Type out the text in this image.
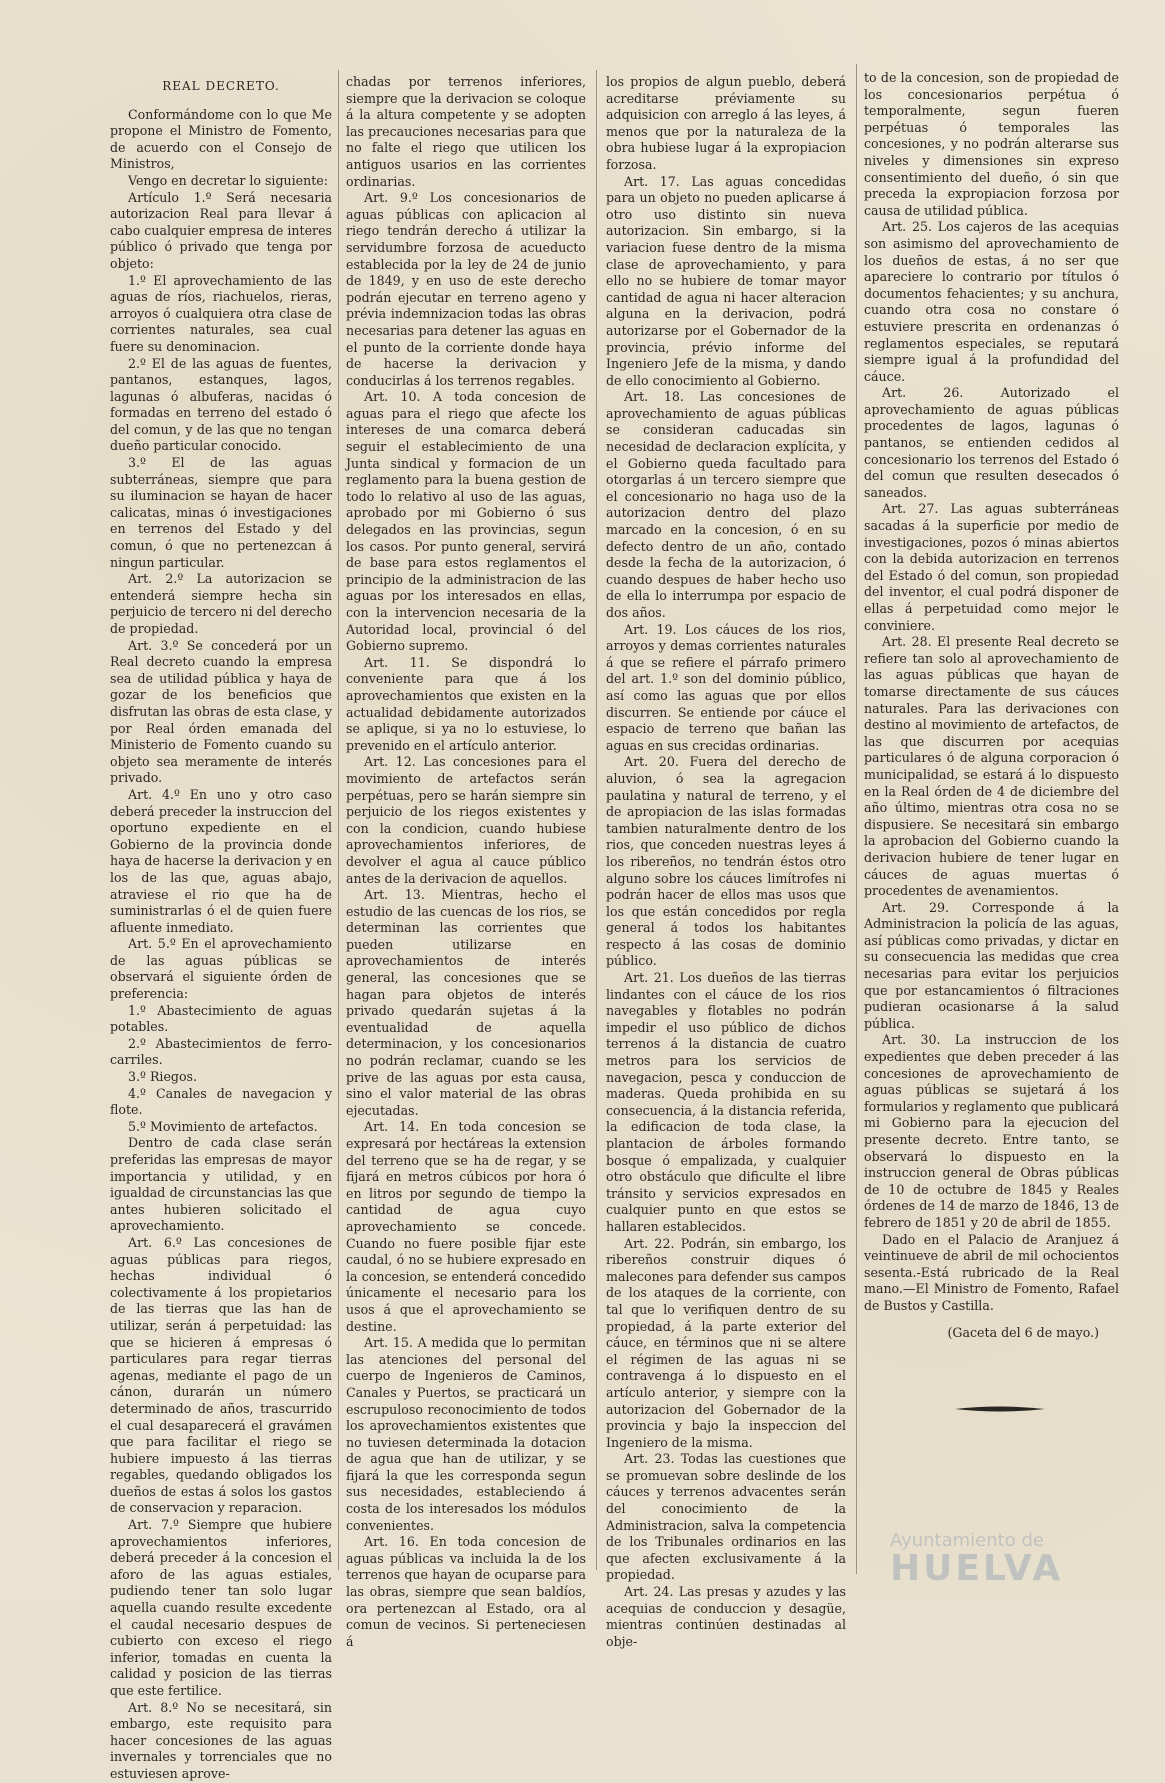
REAL DECRETO.

Conformándome con lo que Me propone el Ministro de Fomento, de acuerdo con el Consejo de Ministros,

Vengo en decretar lo siguiente:

Artículo 1.º Será necesaria autorizacion Real para llevar á cabo cualquier empresa de interes público ó privado que tenga por objeto:

1.º El aprovechamiento de las aguas de ríos, riachuelos, rieras, arroyos ó cualquiera otra clase de corrientes naturales, sea cual fuere su denominacion.

2.º El de las aguas de fuentes, pantanos, estanques, lagos, lagunas ó albuferas, nacidas ó formadas en terreno del estado ó del comun, y de las que no tengan dueño particular conocido.

3.º El de las aguas subterráneas, siempre que para su iluminacion se hayan de hacer calicatas, minas ó investigaciones en terrenos del Estado y del comun, ó que no pertenezcan á ningun particular.

Art. 2.º La autorizacion se entenderá siempre hecha sin perjuicio de tercero ni del derecho de propiedad.

Art. 3.º Se concederá por un Real decreto cuando la empresa sea de utilidad pública y haya de gozar de los beneficios que disfrutan las obras de esta clase, y por Real órden emanada del Ministerio de Fomento cuando su objeto sea meramente de interés privado.

Art. 4.º En uno y otro caso deberá preceder la instruccion del oportuno expediente en el Gobierno de la provincia donde haya de hacerse la derivacion y en los de las que, aguas abajo, atraviese el rio que ha de suministrarlas ó el de quien fuere afluente inmediato.

Art. 5.º En el aprovechamiento de las aguas públicas se observará el siguiente órden de preferencia:

1.º Abastecimiento de aguas potables.

2.º Abastecimientos de ferro-carriles.

3.º Riegos.

4.º Canales de navegacion y flote.

5.º Movimiento de artefactos.

Dentro de cada clase serán preferidas las empresas de mayor importancia y utilidad, y en igualdad de circunstancias las que antes hubieren solicitado el aprovechamiento.

Art. 6.º Las concesiones de aguas públicas para riegos, hechas individual ó colectivamente á los propietarios de las tierras que las han de utilizar, serán á perpetuidad: las que se hicieren á empresas ó particulares para regar tierras agenas, mediante el pago de un cánon, durarán un número determinado de años, trascurrido el cual desaparecerá el gravámen que para facilitar el riego se hubiere impuesto á las tierras regables, quedando obligados los dueños de estas á solos los gastos de conservacion y reparacion.

Art. 7.º Siempre que hubiere aprovechamientos inferiores, deberá preceder á la concesion el aforo de las aguas estiales, pudiendo tener tan solo lugar aquella cuando resulte excedente el caudal necesario despues de cubierto con exceso el riego inferior, tomadas en cuenta la calidad y posicion de las tierras que este fertilice.

Art. 8.º No se necesitará, sin embargo, este requisito para hacer concesiones de las aguas invernales y torrenciales que no estuviesen aprove-

chadas por terrenos inferiores, siempre que la derivacion se coloque á la altura competente y se adopten las precauciones necesarias para que no falte el riego que utilicen los antiguos usarios en las corrientes ordinarias.

Art. 9.º Los concesionarios de aguas públicas con aplicacion al riego tendrán derecho á utilizar la servidumbre forzosa de acueducto establecida por la ley de 24 de junio de 1849, y en uso de este derecho podrán ejecutar en terreno ageno y prévia indemnizacion todas las obras necesarias para detener las aguas en el punto de la corriente donde haya de hacerse la derivacion y conducirlas á los terrenos regables.

Art. 10. A toda concesion de aguas para el riego que afecte los intereses de una comarca deberá seguir el establecimiento de una Junta sindical y formacion de un reglamento para la buena gestion de todo lo relativo al uso de las aguas, aprobado por mi Gobierno ó sus delegados en las provincias, segun los casos. Por punto general, servirá de base para estos reglamentos el principio de la administracion de las aguas por los interesados en ellas, con la intervencion necesaria de la Autoridad local, provincial ó del Gobierno supremo.

Art. 11. Se dispondrá lo conveniente para que á los aprovechamientos que existen en la actualidad debidamente autorizados se aplique, si ya no lo estuviese, lo prevenido en el artículo anterior.

Art. 12. Las concesiones para el movimiento de artefactos serán perpétuas, pero se harán siempre sin perjuicio de los riegos existentes y con la condicion, cuando hubiese aprovechamientos inferiores, de devolver el agua al cauce público antes de la derivacion de aquellos.

Art. 13. Mientras, hecho el estudio de las cuencas de los rios, se determinan las corrientes que pueden utilizarse en aprovechamientos de interés general, las concesiones que se hagan para objetos de interés privado quedarán sujetas á la eventualidad de aquella determinacion, y los concesionarios no podrán reclamar, cuando se les prive de las aguas por esta causa, sino el valor material de las obras ejecutadas.

Art. 14. En toda concesion se expresará por hectáreas la extension del terreno que se ha de regar, y se fijará en metros cúbicos por hora ó en litros por segundo de tiempo la cantidad de agua cuyo aprovechamiento se concede. Cuando no fuere posible fijar este caudal, ó no se hubiere expresado en la concesion, se entenderá concedido únicamente el necesario para los usos á que el aprovechamiento se destine.

Art. 15. A medida que lo permitan las atenciones del personal del cuerpo de Ingenieros de Caminos, Canales y Puertos, se practicará un escrupuloso reconocimiento de todos los aprovechamientos existentes que no tuviesen determinada la dotacion de agua que han de utilizar, y se fijará la que les corresponda segun sus necesidades, estableciendo á costa de los interesados los módulos convenientes.

Art. 16. En toda concesion de aguas públicas va incluida la de los terrenos que hayan de ocuparse para las obras, siempre que sean baldíos, ora pertenezcan al Estado, ora al comun de vecinos. Si perteneciesen á

los propios de algun pueblo, deberá acreditarse préviamente su adquisicion con arreglo á las leyes, á menos que por la naturaleza de la obra hubiese lugar á la expropiacion forzosa.

Art. 17. Las aguas concedidas para un objeto no pueden aplicarse á otro uso distinto sin nueva autorizacion. Sin embargo, si la variacion fuese dentro de la misma clase de aprovechamiento, y para ello no se hubiere de tomar mayor cantidad de agua ni hacer alteracion alguna en la derivacion, podrá autorizarse por el Gobernador de la provincia, prévio informe del Ingeniero Jefe de la misma, y dando de ello conocimiento al Gobierno.

Art. 18. Las concesiones de aprovechamiento de aguas públicas se consideran caducadas sin necesidad de declaracion explícita, y el Gobierno queda facultado para otorgarlas á un tercero siempre que el concesionario no haga uso de la autorizacion dentro del plazo marcado en la concesion, ó en su defecto dentro de un año, contado desde la fecha de la autorizacion, ó cuando despues de haber hecho uso de ella lo interrumpa por espacio de dos años.

Art. 19. Los cáuces de los rios, arroyos y demas corrientes naturales á que se refiere el párrafo primero del art. 1.º son del dominio público, así como las aguas que por ellos discurren. Se entiende por cáuce el espacio de terreno que bañan las aguas en sus crecidas ordinarias.

Art. 20. Fuera del derecho de aluvion, ó sea la agregacion paulatina y natural de terreno, y el de apropiacion de las islas formadas tambien naturalmente dentro de los rios, que conceden nuestras leyes á los ribereños, no tendrán éstos otro alguno sobre los cáuces limítrofes ni podrán hacer de ellos mas usos que los que están concedidos por regla general á todos los habitantes respecto á las cosas de dominio público.

Art. 21. Los dueños de las tierras lindantes con el cáuce de los rios navegables y flotables no podrán impedir el uso público de dichos terrenos á la distancia de cuatro metros para los servicios de navegacion, pesca y conduccion de maderas. Queda prohibida en su consecuencia, á la distancia referida, la edificacion de toda clase, la plantacion de árboles formando bosque ó empalizada, y cualquier otro obstáculo que dificulte el libre tránsito y servicios expresados en cualquier punto en que estos se hallaren establecidos.

Art. 22. Podrán, sin embargo, los ribereños construir diques ó malecones para defender sus campos de los ataques de la corriente, con tal que lo verifiquen dentro de su propiedad, á la parte exterior del cáuce, en términos que ni se altere el régimen de las aguas ni se contravenga á lo dispuesto en el artículo anterior, y siempre con la autorizacion del Gobernador de la provincia y bajo la inspeccion del Ingeniero de la misma.

Art. 23. Todas las cuestiones que se promuevan sobre deslinde de los cáuces y terrenos advacentes serán del conocimiento de la Administracion, salva la competencia de los Tribunales ordinarios en las que afecten exclusivamente á la propiedad.

Art. 24. Las presas y azudes y las acequias de conduccion y desagüe, mientras continúen destinadas al obje-

to de la concesion, son de propiedad de los concesionarios perpétua ó temporalmente, segun fueren perpétuas ó temporales las concesiones, y no podrán alterarse sus niveles y dimensiones sin expreso consentimiento del dueño, ó sin que preceda la expropiacion forzosa por causa de utilidad pública.

Art. 25. Los cajeros de las acequias son asimismo del aprovechamiento de los dueños de estas, á no ser que apareciere lo contrario por títulos ó documentos fehacientes; y su anchura, cuando otra cosa no constare ó estuviere prescrita en ordenanzas ó reglamentos especiales, se reputará siempre igual á la profundidad del cáuce.

Art. 26. Autorizado el aprovechamiento de aguas públicas procedentes de lagos, lagunas ó pantanos, se entienden cedidos al concesionario los terrenos del Estado ó del comun que resulten desecados ó saneados.

Art. 27. Las aguas subterráneas sacadas á la superficie por medio de investigaciones, pozos ó minas abiertos con la debida autorizacion en terrenos del Estado ó del comun, son propiedad del inventor, el cual podrá disponer de ellas á perpetuidad como mejor le conviniere.

Art. 28. El presente Real decreto se refiere tan solo al aprovechamiento de las aguas públicas que hayan de tomarse directamente de sus cáuces naturales. Para las derivaciones con destino al movimiento de artefactos, de las que discurren por acequias particulares ó de alguna corporacion ó municipalidad, se estará á lo dispuesto en la Real órden de 4 de diciembre del año último, mientras otra cosa no se dispusiere. Se necesitará sin embargo la aprobacion del Gobierno cuando la derivacion hubiere de tener lugar en cáuces de aguas muertas ó procedentes de avenamientos.

Art. 29. Corresponde á la Administracion la policía de las aguas, así públicas como privadas, y dictar en su consecuencia las medidas que crea necesarias para evitar los perjuicios que por estancamientos ó filtraciones pudieran ocasionarse á la salud pública.

Art. 30. La instruccion de los expedientes que deben preceder á las concesiones de aprovechamiento de aguas públicas se sujetará á los formularios y reglamento que publicará mi Gobierno para la ejecucion del presente decreto. Entre tanto, se observará lo dispuesto en la instruccion general de Obras públicas de 10 de octubre de 1845 y Reales órdenes de 14 de marzo de 1846, 13 de febrero de 1851 y 20 de abril de 1855.

Dado en el Palacio de Aranjuez á veintinueve de abril de mil ochocientos sesenta.-Está rubricado de la Real mano.—El Ministro de Fomento, Rafael de Bustos y Castilla.

(Gaceta del 6 de mayo.)

Ayuntamiento de
HUELVA
